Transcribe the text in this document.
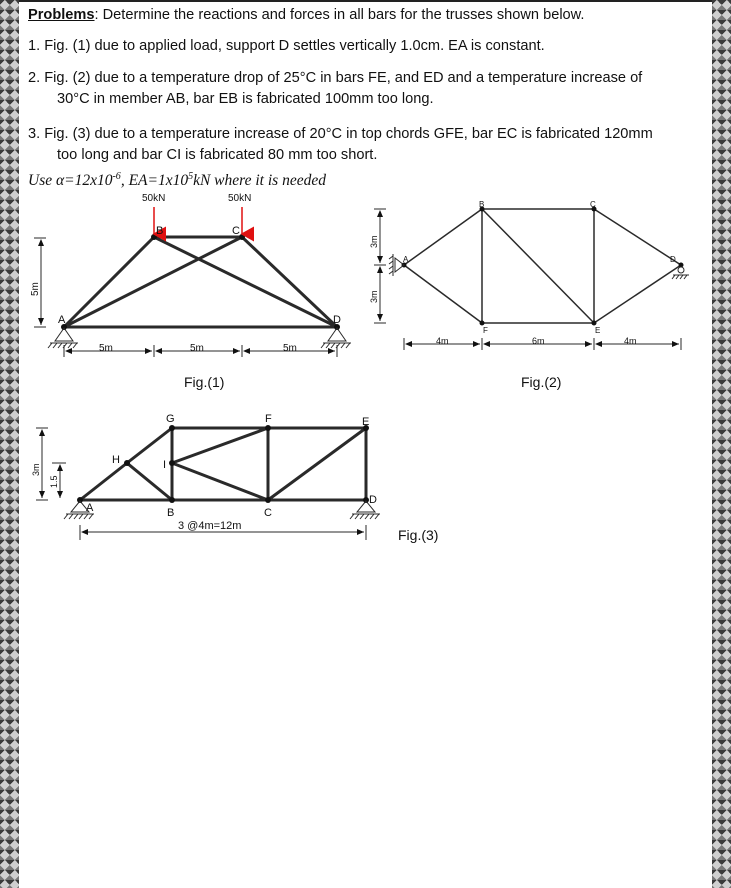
Problems: Determine the reactions and forces in all bars for the trusses shown below.
1. Fig. (1) due to applied load, support D settles vertically 1.0cm. EA is constant.
2. Fig. (2) due to a temperature drop of 25°C in bars FE, and ED and a temperature increase of
30°C in member AB, bar EB is fabricated 100mm too long.
3. Fig. (3) due to a temperature increase of 20°C in top chords GFE, bar EC is fabricated 120mm
too long and bar CI is fabricated 80 mm too short.
Use $\alpha=12x10^{-6}$, $EA=1x10^5kN$ where it is needed
50kN	50kN
B	C
A	D
5m	5m	5m
5m
Fig.(1)
B	C
A	D
F	E
4m	6m	4m
3m
3m
Fig.(2)
G	F	E
H	I
A	B	C
D
3 @4m=12m
3m
1.5
Fig.(3)
